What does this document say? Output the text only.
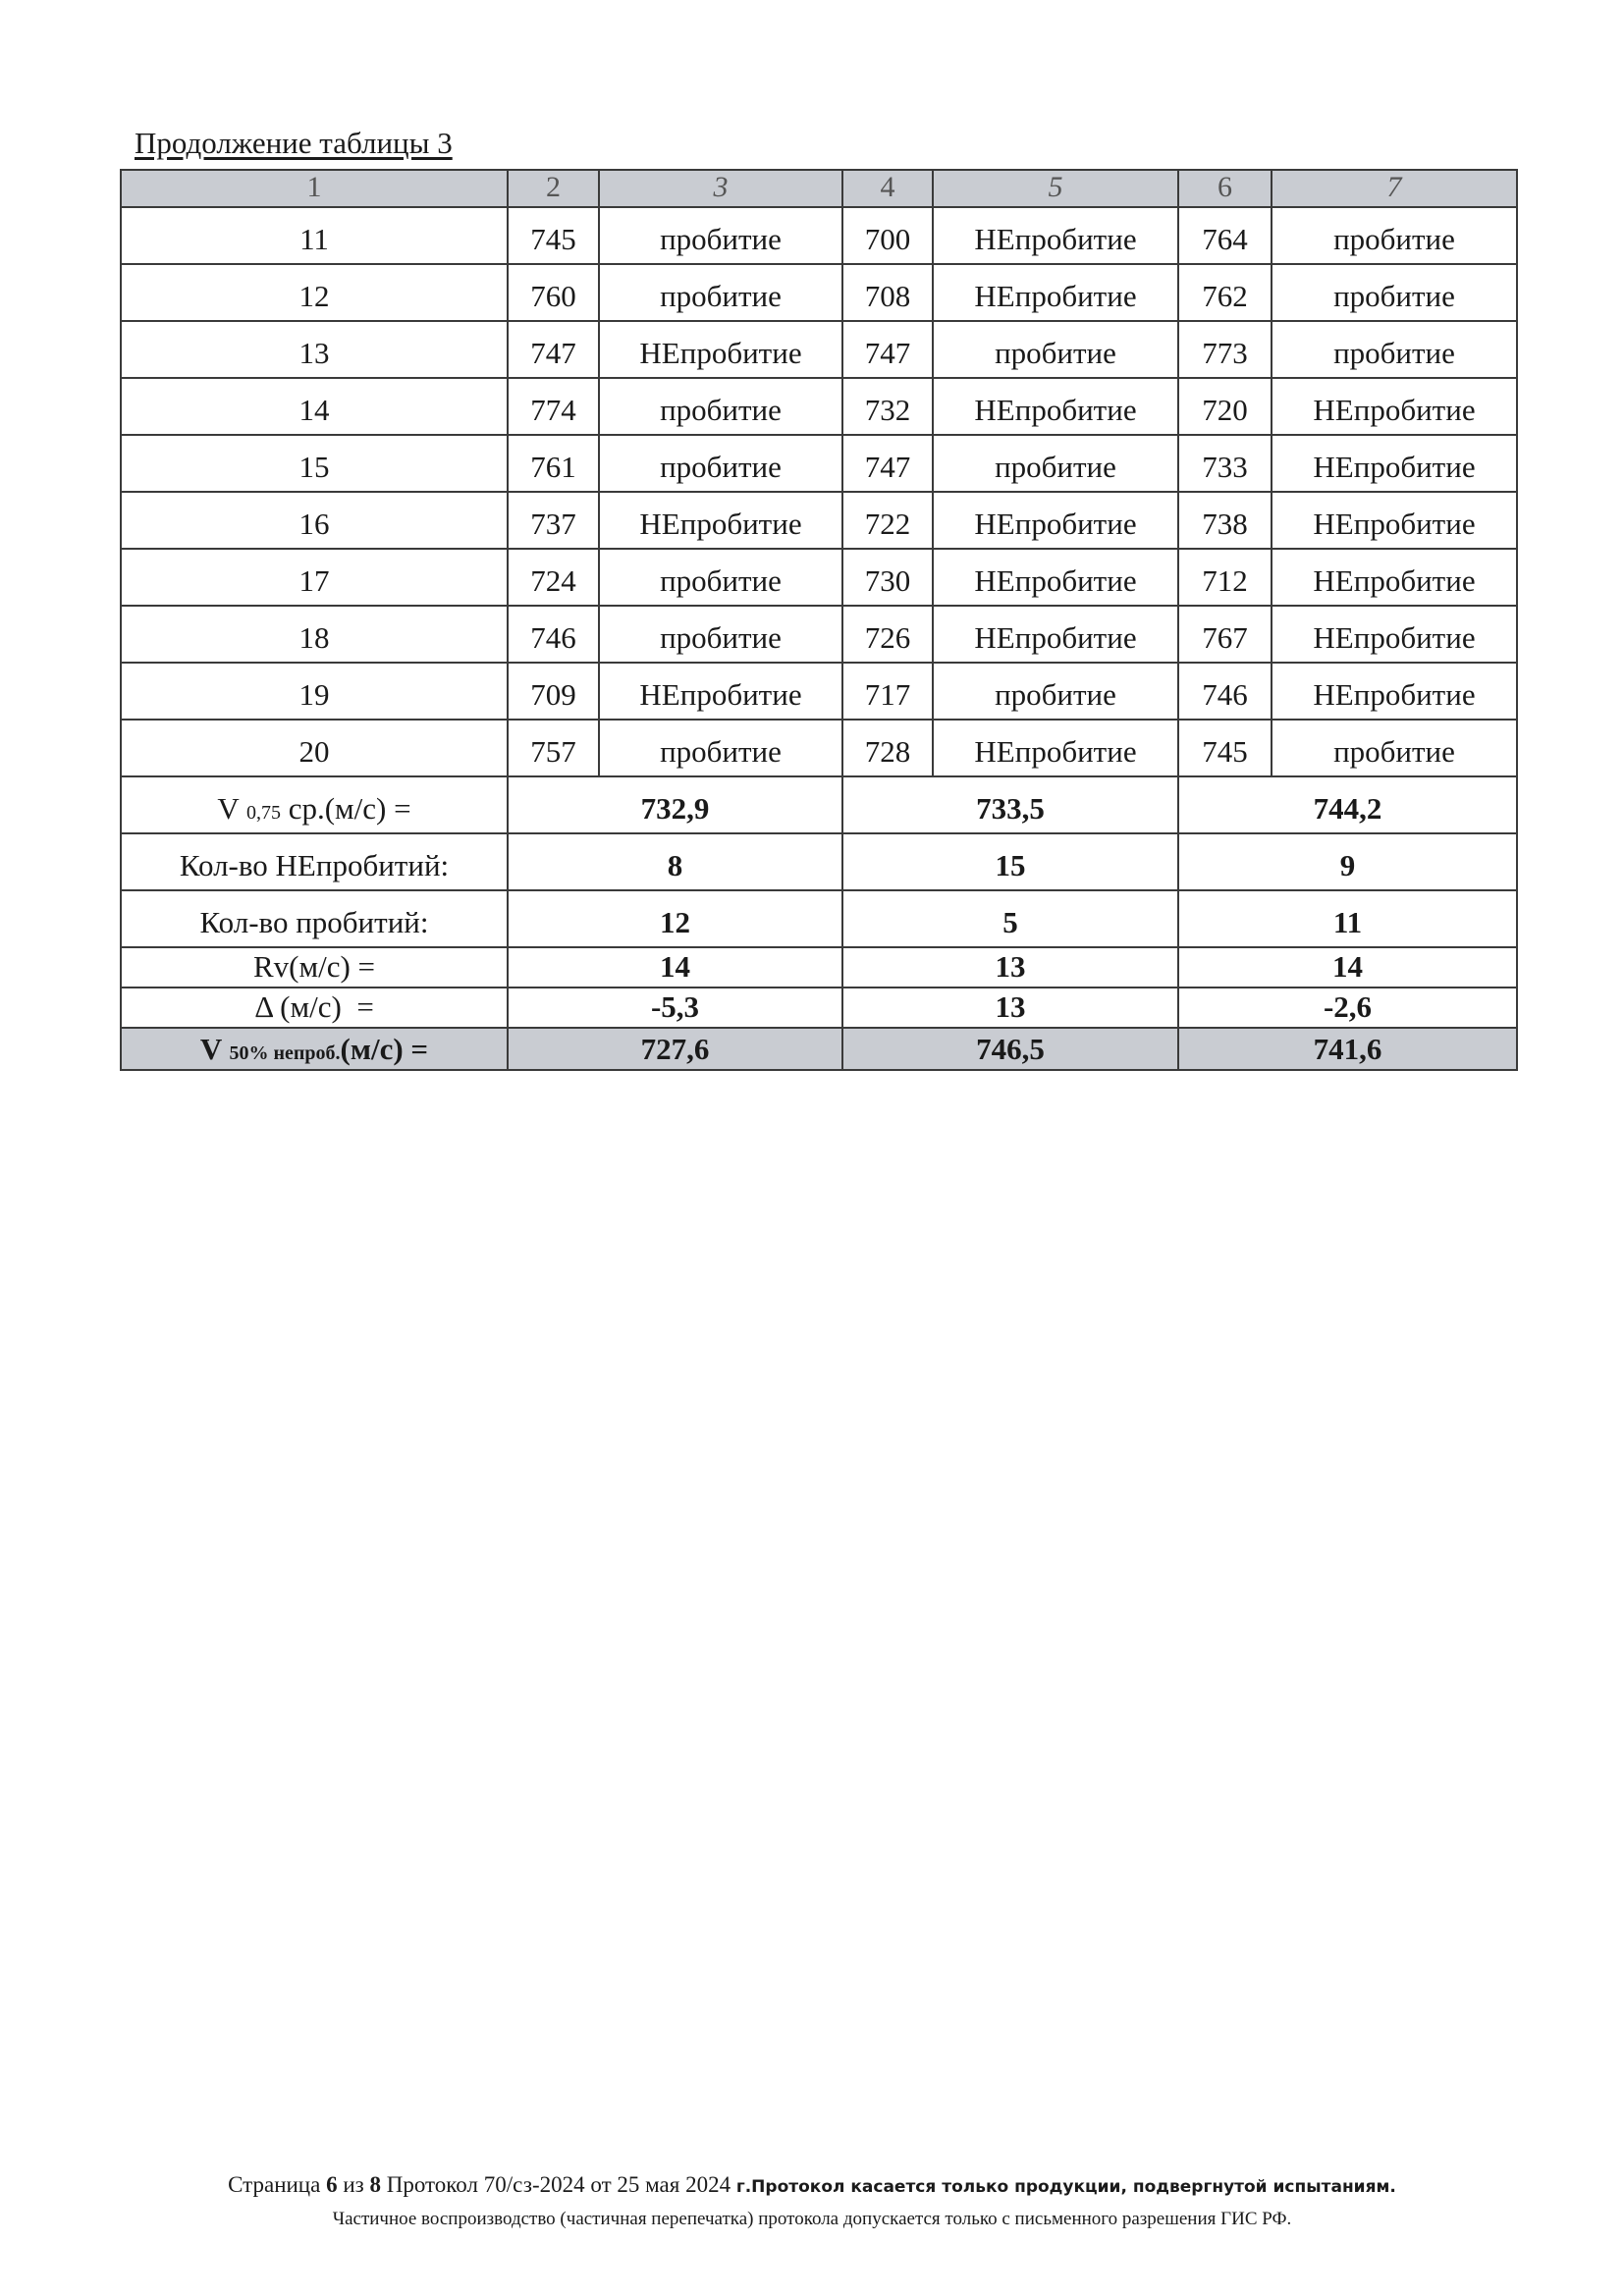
Продолжение таблицы 3

1	2	3	4	5	6	7
11	745	пробитие	700	НЕпробитие	764	пробитие
12	760	пробитие	708	НЕпробитие	762	пробитие
13	747	НЕпробитие	747	пробитие	773	пробитие
14	774	пробитие	732	НЕпробитие	720	НЕпробитие
15	761	пробитие	747	пробитие	733	НЕпробитие
16	737	НЕпробитие	722	НЕпробитие	738	НЕпробитие
17	724	пробитие	730	НЕпробитие	712	НЕпробитие
18	746	пробитие	726	НЕпробитие	767	НЕпробитие
19	709	НЕпробитие	717	пробитие	746	НЕпробитие
20	757	пробитие	728	НЕпробитие	745	пробитие
V 0,75 ср.(м/с) =	732,9		733,5		744,2	
Кол-во НЕпробитий:	8		15		9	
Кол-во пробитий:	12		5		11	
Rv(м/с) =	14		13		14	
Δ (м/с)  =	-5,3		13		-2,6	
V 50% непроб.(м/с) =	727,6		746,5		741,6	
Страница 6 из 8 Протокол 70/сз-2024 от 25 мая 2024 г.Протокол касается только продукции, подвергнутой испытаниям.
Частичное воспроизводство (частичная перепечатка) протокола допускается только с письменного разрешения ГИС РФ.
